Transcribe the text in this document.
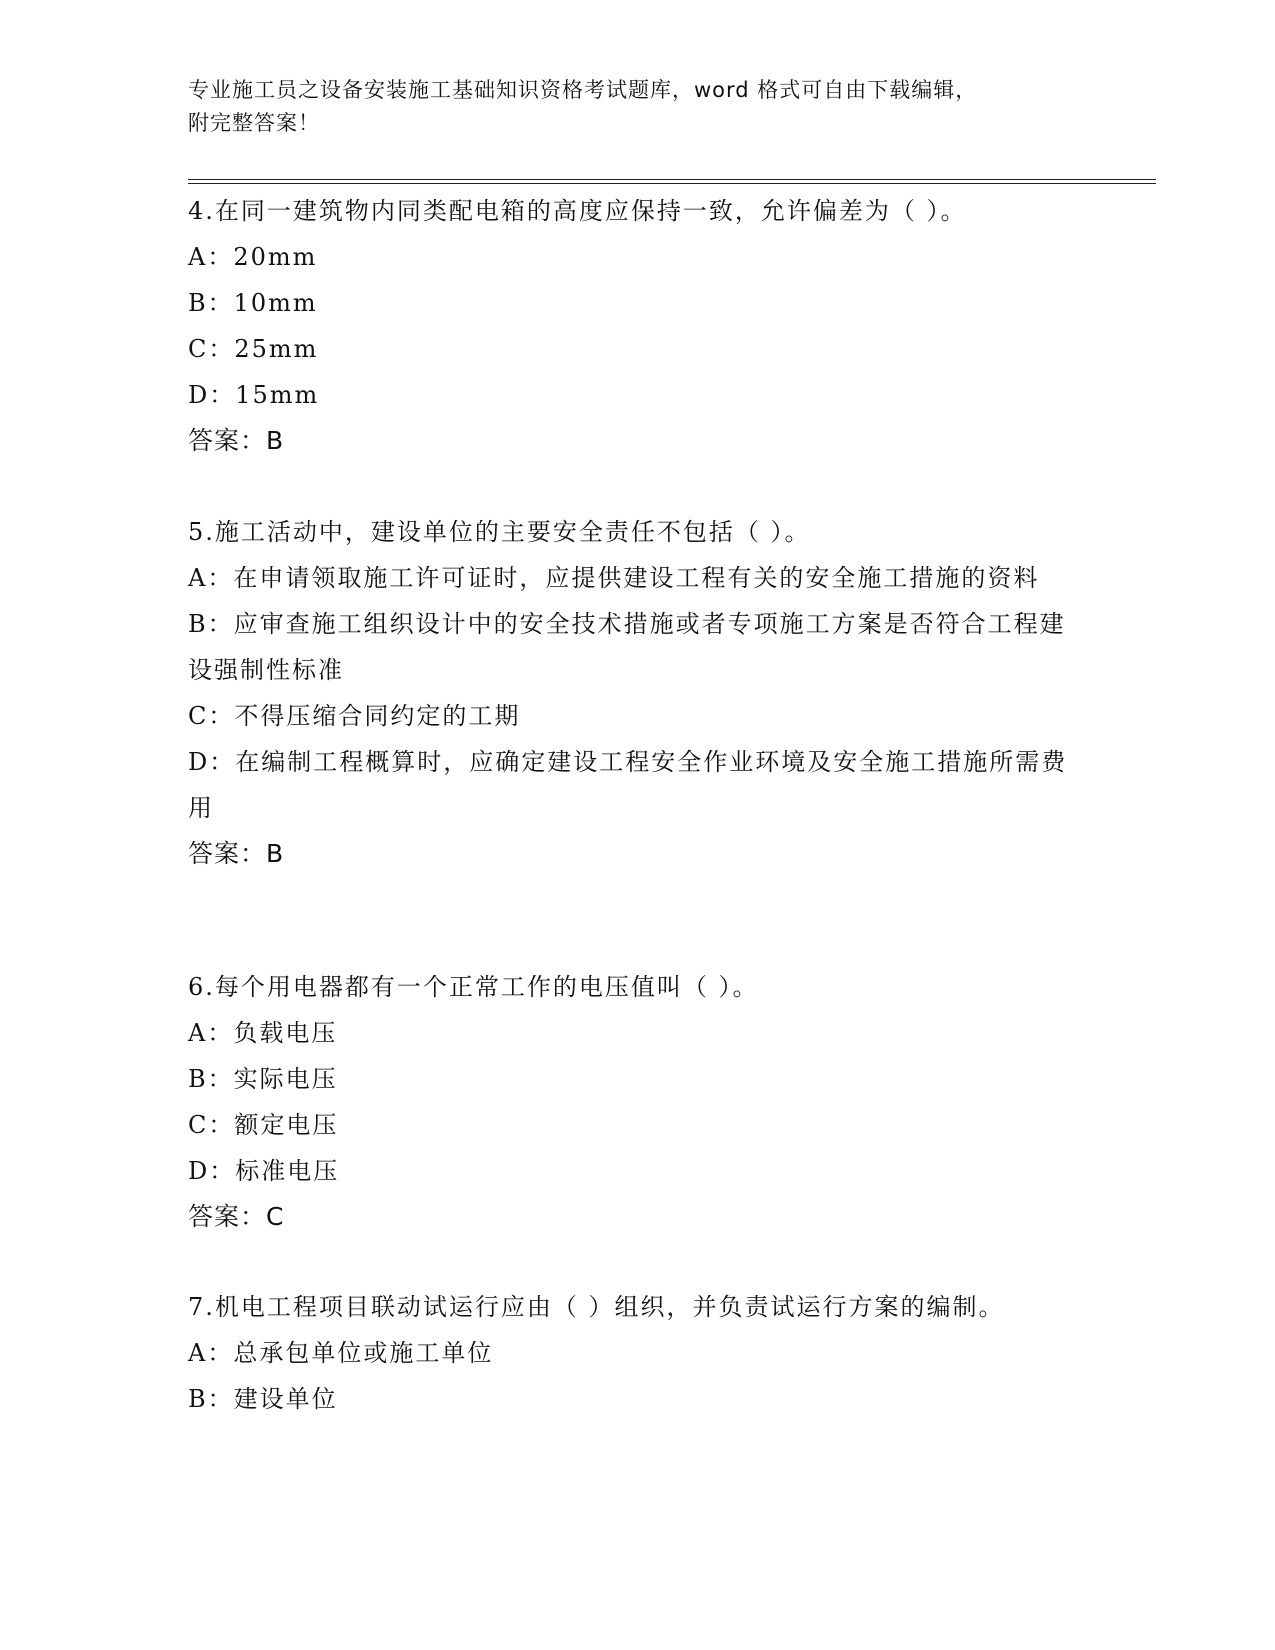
专业施工员之设备安装施工基础知识资格考试题库，word 格式可自由下载编辑，
附完整答案！

4.在同一建筑物内同类配电箱的高度应保持一致，允许偏差为（ ）。

A：20mm

B：10mm

C：25mm

D：15mm

答案：B

5.施工活动中，建设单位的主要安全责任不包括（ ）。

A：在申请领取施工许可证时，应提供建设工程有关的安全施工措施的资料

B：应审查施工组织设计中的安全技术措施或者专项施工方案是否符合工程建设强制性标准

C：不得压缩合同约定的工期

D：在编制工程概算时，应确定建设工程安全作业环境及安全施工措施所需费用

答案：B

6.每个用电器都有一个正常工作的电压值叫（ ）。

A：负载电压

B：实际电压

C：额定电压

D：标准电压

答案：C

7.机电工程项目联动试运行应由（ ）组织，并负责试运行方案的编制。

A：总承包单位或施工单位

B：建设单位
